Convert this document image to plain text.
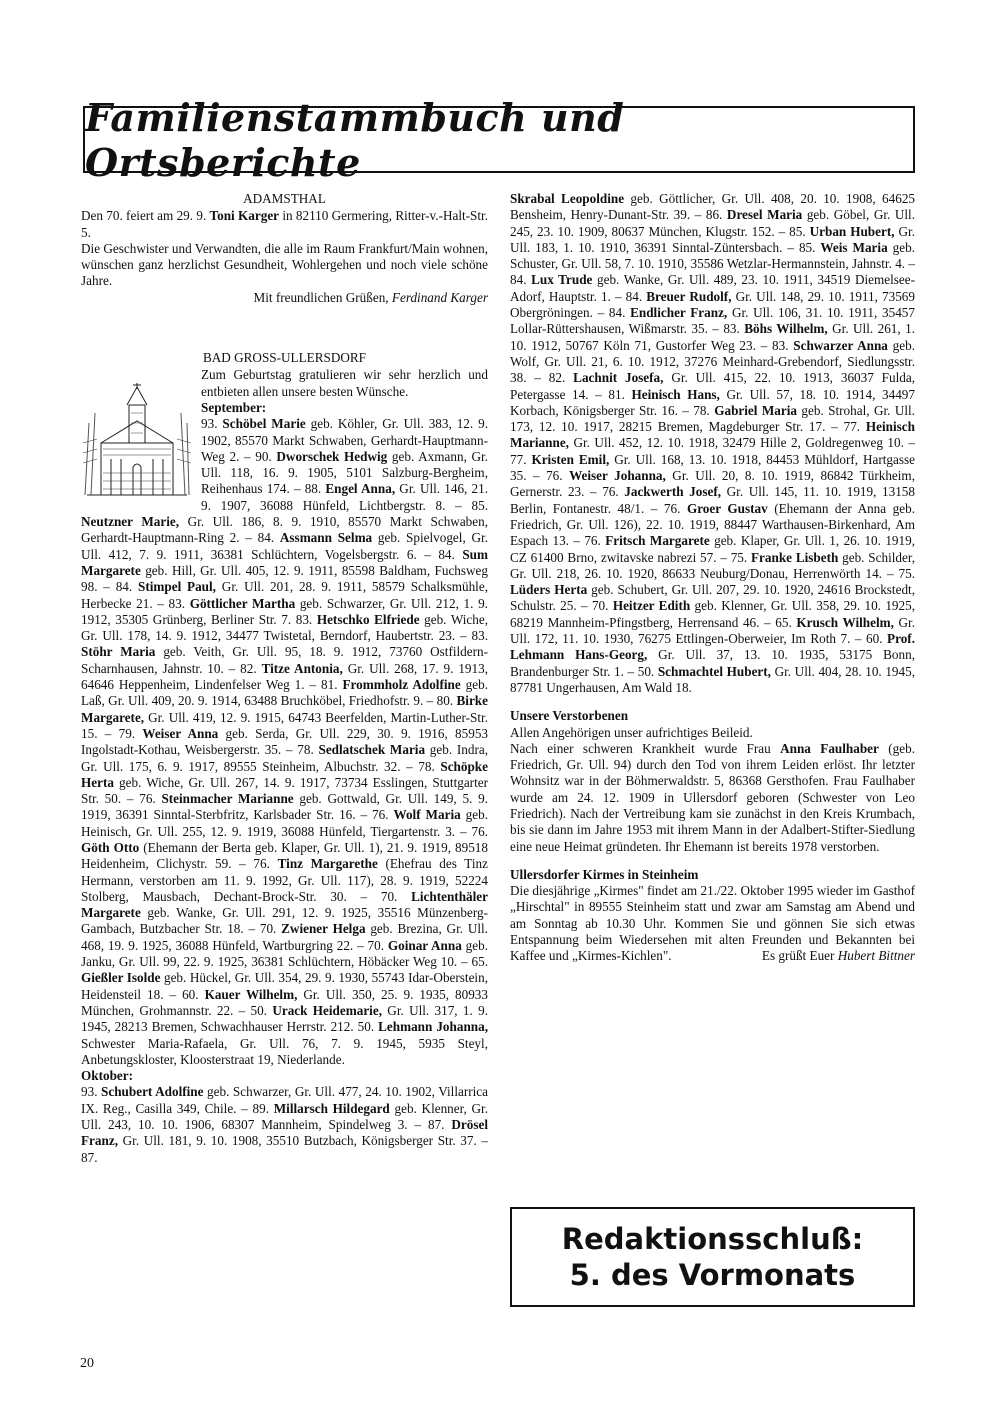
Familienstammbuch und Ortsberichte

ADAMSTHAL

Den 70. feiert am 29. 9. Toni Karger in 82110 Germering, Ritter-v.-Halt-Str. 5.

Die Geschwister und Verwandten, die alle im Raum Frankfurt/Main wohnen, wünschen ganz herzlichst Gesundheit, Wohlergehen und noch viele schöne Jahre.

Mit freundlichen Grüßen, Ferdinand Karger

BAD GROSS-ULLERSDORF

Zum Geburtstag gratulieren wir sehr herzlich und entbieten allen unsere besten Wünsche.

September:

93. Schöbel Marie geb. Köhler, Gr. Ull. 383, 12. 9. 1902, 85570 Markt Schwaben, Gerhardt-Hauptmann-Weg 2. – 90. Dworschek Hedwig geb. Axmann, Gr. Ull. 118, 16. 9. 1905, 5101 Salzburg-Bergheim, Reihenhaus 174. – 88. Engel Anna, Gr. Ull. 146, 21. 9. 1907, 36088 Hünfeld, Lichtbergstr. 8. – 85. Neutzner Marie, Gr. Ull. 186, 8. 9. 1910, 85570 Markt Schwaben, Gerhardt-Hauptmann-Ring 2. – 84. Assmann Selma geb. Spielvogel, Gr. Ull. 412, 7. 9. 1911, 36381 Schlüchtern, Vogelsbergstr. 6. – 84. Sum Margarete geb. Hill, Gr. Ull. 405, 12. 9. 1911, 85598 Baldham, Fuchsweg 98. – 84. Stimpel Paul, Gr. Ull. 201, 28. 9. 1911, 58579 Schalksmühle, Herbecke 21. – 83. Göttlicher Martha geb. Schwarzer, Gr. Ull. 212, 1. 9. 1912, 35305 Grünberg, Berliner Str. 7. 83. Hetschko Elfriede geb. Wiche, Gr. Ull. 178, 14. 9. 1912, 34477 Twistetal, Berndorf, Haubertstr. 23. – 83. Stöhr Maria geb. Veith, Gr. Ull. 95, 18. 9. 1912, 73760 Ostfildern-Scharnhausen, Jahnstr. 10. – 82. Titze Antonia, Gr. Ull. 268, 17. 9. 1913, 64646 Heppenheim, Lindenfelser Weg 1. – 81. Frommholz Adolfine geb. Laß, Gr. Ull. 409, 20. 9. 1914, 63488 Bruchköbel, Friedhofstr. 9. – 80. Birke Margarete, Gr. Ull. 419, 12. 9. 1915, 64743 Beerfelden, Martin-Luther-Str. 15. – 79. Weiser Anna geb. Serda, Gr. Ull. 229, 30. 9. 1916, 85953 Ingolstadt-Kothau, Weisbergerstr. 35. – 78. Sedlatschek Maria geb. Indra, Gr. Ull. 175, 6. 9. 1917, 89555 Steinheim, Albuchstr. 32. – 78. Schöpke Herta geb. Wiche, Gr. Ull. 267, 14. 9. 1917, 73734 Esslingen, Stuttgarter Str. 50. – 76. Steinmacher Marianne geb. Gottwald, Gr. Ull. 149, 5. 9. 1919, 36391 Sinntal-Sterbfritz, Karlsbader Str. 16. – 76. Wolf Maria geb. Heinisch, Gr. Ull. 255, 12. 9. 1919, 36088 Hünfeld, Tiergartenstr. 3. – 76. Göth Otto (Ehemann der Berta geb. Klaper, Gr. Ull. 1), 21. 9. 1919, 89518 Heidenheim, Clichystr. 59. – 76. Tinz Margarethe (Ehefrau des Tinz Hermann, verstorben am 11. 9. 1992, Gr. Ull. 117), 28. 9. 1919, 52224 Stolberg, Mausbach, Dechant-Brock-Str. 30. – 70. Lichtenthäler Margarete geb. Wanke, Gr. Ull. 291, 12. 9. 1925, 35516 Münzenberg-Gambach, Butzbacher Str. 18. – 70. Zwiener Helga geb. Brezina, Gr. Ull. 468, 19. 9. 1925, 36088 Hünfeld, Wartburgring 22. – 70. Goinar Anna geb. Janku, Gr. Ull. 99, 22. 9. 1925, 36381 Schlüchtern, Höbäcker Weg 10. – 65. Gießler Isolde geb. Hückel, Gr. Ull. 354, 29. 9. 1930, 55743 Idar-Oberstein, Heidensteil 18. – 60. Kauer Wilhelm, Gr. Ull. 350, 25. 9. 1935, 80933 München, Grohmannstr. 22. – 50. Urack Heidemarie, Gr. Ull. 317, 1. 9. 1945, 28213 Bremen, Schwachhauser Herrstr. 212. 50. Lehmann Johanna, Schwester Maria-Rafaela, Gr. Ull. 76, 7. 9. 1945, 5935 Steyl, Anbetungskloster, Kloosterstraat 19, Niederlande.

Oktober:

93. Schubert Adolfine geb. Schwarzer, Gr. Ull. 477, 24. 10. 1902, Villarrica IX. Reg., Casilla 349, Chile. – 89. Millarsch Hildegard geb. Klenner, Gr. Ull. 243, 10. 10. 1906, 68307 Mannheim, Spindelweg 3. – 87. Drösel Franz, Gr. Ull. 181, 9. 10. 1908, 35510 Butzbach, Königsberger Str. 37. – 87.

Skrabal Leopoldine geb. Göttlicher, Gr. Ull. 408, 20. 10. 1908, 64625 Bensheim, Henry-Dunant-Str. 39. – 86. Dresel Maria geb. Göbel, Gr. Ull. 245, 23. 10. 1909, 80637 München, Klugstr. 152. – 85. Urban Hubert, Gr. Ull. 183, 1. 10. 1910, 36391 Sinntal-Züntersbach. – 85. Weis Maria geb. Schuster, Gr. Ull. 58, 7. 10. 1910, 35586 Wetzlar-Hermannstein, Jahnstr. 4. – 84. Lux Trude geb. Wanke, Gr. Ull. 489, 23. 10. 1911, 34519 Diemelsee-Adorf, Hauptstr. 1. – 84. Breuer Rudolf, Gr. Ull. 148, 29. 10. 1911, 73569 Obergröningen. – 84. Endlicher Franz, Gr. Ull. 106, 31. 10. 1911, 35457 Lollar-Rüttershausen, Wißmarstr. 35. – 83. Böhs Wilhelm, Gr. Ull. 261, 1. 10. 1912, 50767 Köln 71, Gustorfer Weg 23. – 83. Schwarzer Anna geb. Wolf, Gr. Ull. 21, 6. 10. 1912, 37276 Meinhard-Grebendorf, Siedlungsstr. 38. – 82. Lachnit Josefa, Gr. Ull. 415, 22. 10. 1913, 36037 Fulda, Petergasse 14. – 81. Heinisch Hans, Gr. Ull. 57, 18. 10. 1914, 34497 Korbach, Königsberger Str. 16. – 78. Gabriel Maria geb. Strohal, Gr. Ull. 173, 12. 10. 1917, 28215 Bremen, Magdeburger Str. 17. – 77. Heinisch Marianne, Gr. Ull. 452, 12. 10. 1918, 32479 Hille 2, Goldregenweg 10. – 77. Kristen Emil, Gr. Ull. 168, 13. 10. 1918, 84453 Mühldorf, Hartgasse 35. – 76. Weiser Johanna, Gr. Ull. 20, 8. 10. 1919, 86842 Türkheim, Gernerstr. 23. – 76. Jackwerth Josef, Gr. Ull. 145, 11. 10. 1919, 13158 Berlin, Fontanestr. 48/1. – 76. Groer Gustav (Ehemann der Anna geb. Friedrich, Gr. Ull. 126), 22. 10. 1919, 88447 Warthausen-Birkenhard, Am Espach 13. – 76. Fritsch Margarete geb. Klaper, Gr. Ull. 1, 26. 10. 1919, CZ 61400 Brno, zwitavske nabrezi 57. – 75. Franke Lisbeth geb. Schilder, Gr. Ull. 218, 26. 10. 1920, 86633 Neuburg/Donau, Herrenwörth 14. – 75. Lüders Herta geb. Schubert, Gr. Ull. 207, 29. 10. 1920, 24616 Brockstedt, Schulstr. 25. – 70. Heitzer Edith geb. Klenner, Gr. Ull. 358, 29. 10. 1925, 68219 Mannheim-Pfingstberg, Herrensand 46. – 65. Krusch Wilhelm, Gr. Ull. 172, 11. 10. 1930, 76275 Ettlingen-Oberweier, Im Roth 7. – 60. Prof. Lehmann Hans-Georg, Gr. Ull. 37, 13. 10. 1935, 53175 Bonn, Brandenburger Str. 1. – 50. Schmachtel Hubert, Gr. Ull. 404, 28. 10. 1945, 87781 Ungerhausen, Am Wald 18.

Unsere Verstorbenen

Allen Angehörigen unser aufrichtiges Beileid.

Nach einer schweren Krankheit wurde Frau Anna Faulhaber (geb. Friedrich, Gr. Ull. 94) durch den Tod von ihrem Leiden erlöst. Ihr letzter Wohnsitz war in der Böhmerwaldstr. 5, 86368 Gersthofen. Frau Faulhaber wurde am 24. 12. 1909 in Ullersdorf geboren (Schwester von Leo Friedrich). Nach der Vertreibung kam sie zunächst in den Kreis Krumbach, bis sie dann im Jahre 1953 mit ihrem Mann in der Adalbert-Stifter-Siedlung eine neue Heimat gründeten. Ihr Ehemann ist bereits 1978 verstorben.

Ullersdorfer Kirmes in Steinheim

Die diesjährige „Kirmes" findet am 21./22. Oktober 1995 wieder im Gasthof „Hirschtal" in 89555 Steinheim statt und zwar am Samstag am Abend und am Sonntag ab 10.30 Uhr. Kommen Sie und gönnen Sie sich etwas Entspannung beim Wiedersehen mit alten Freunden und Bekannten bei Kaffee und „Kirmes-Kichlen".	Es grüßt Euer Hubert Bittner

Redaktionsschluß:
5. des Vormonats
20
